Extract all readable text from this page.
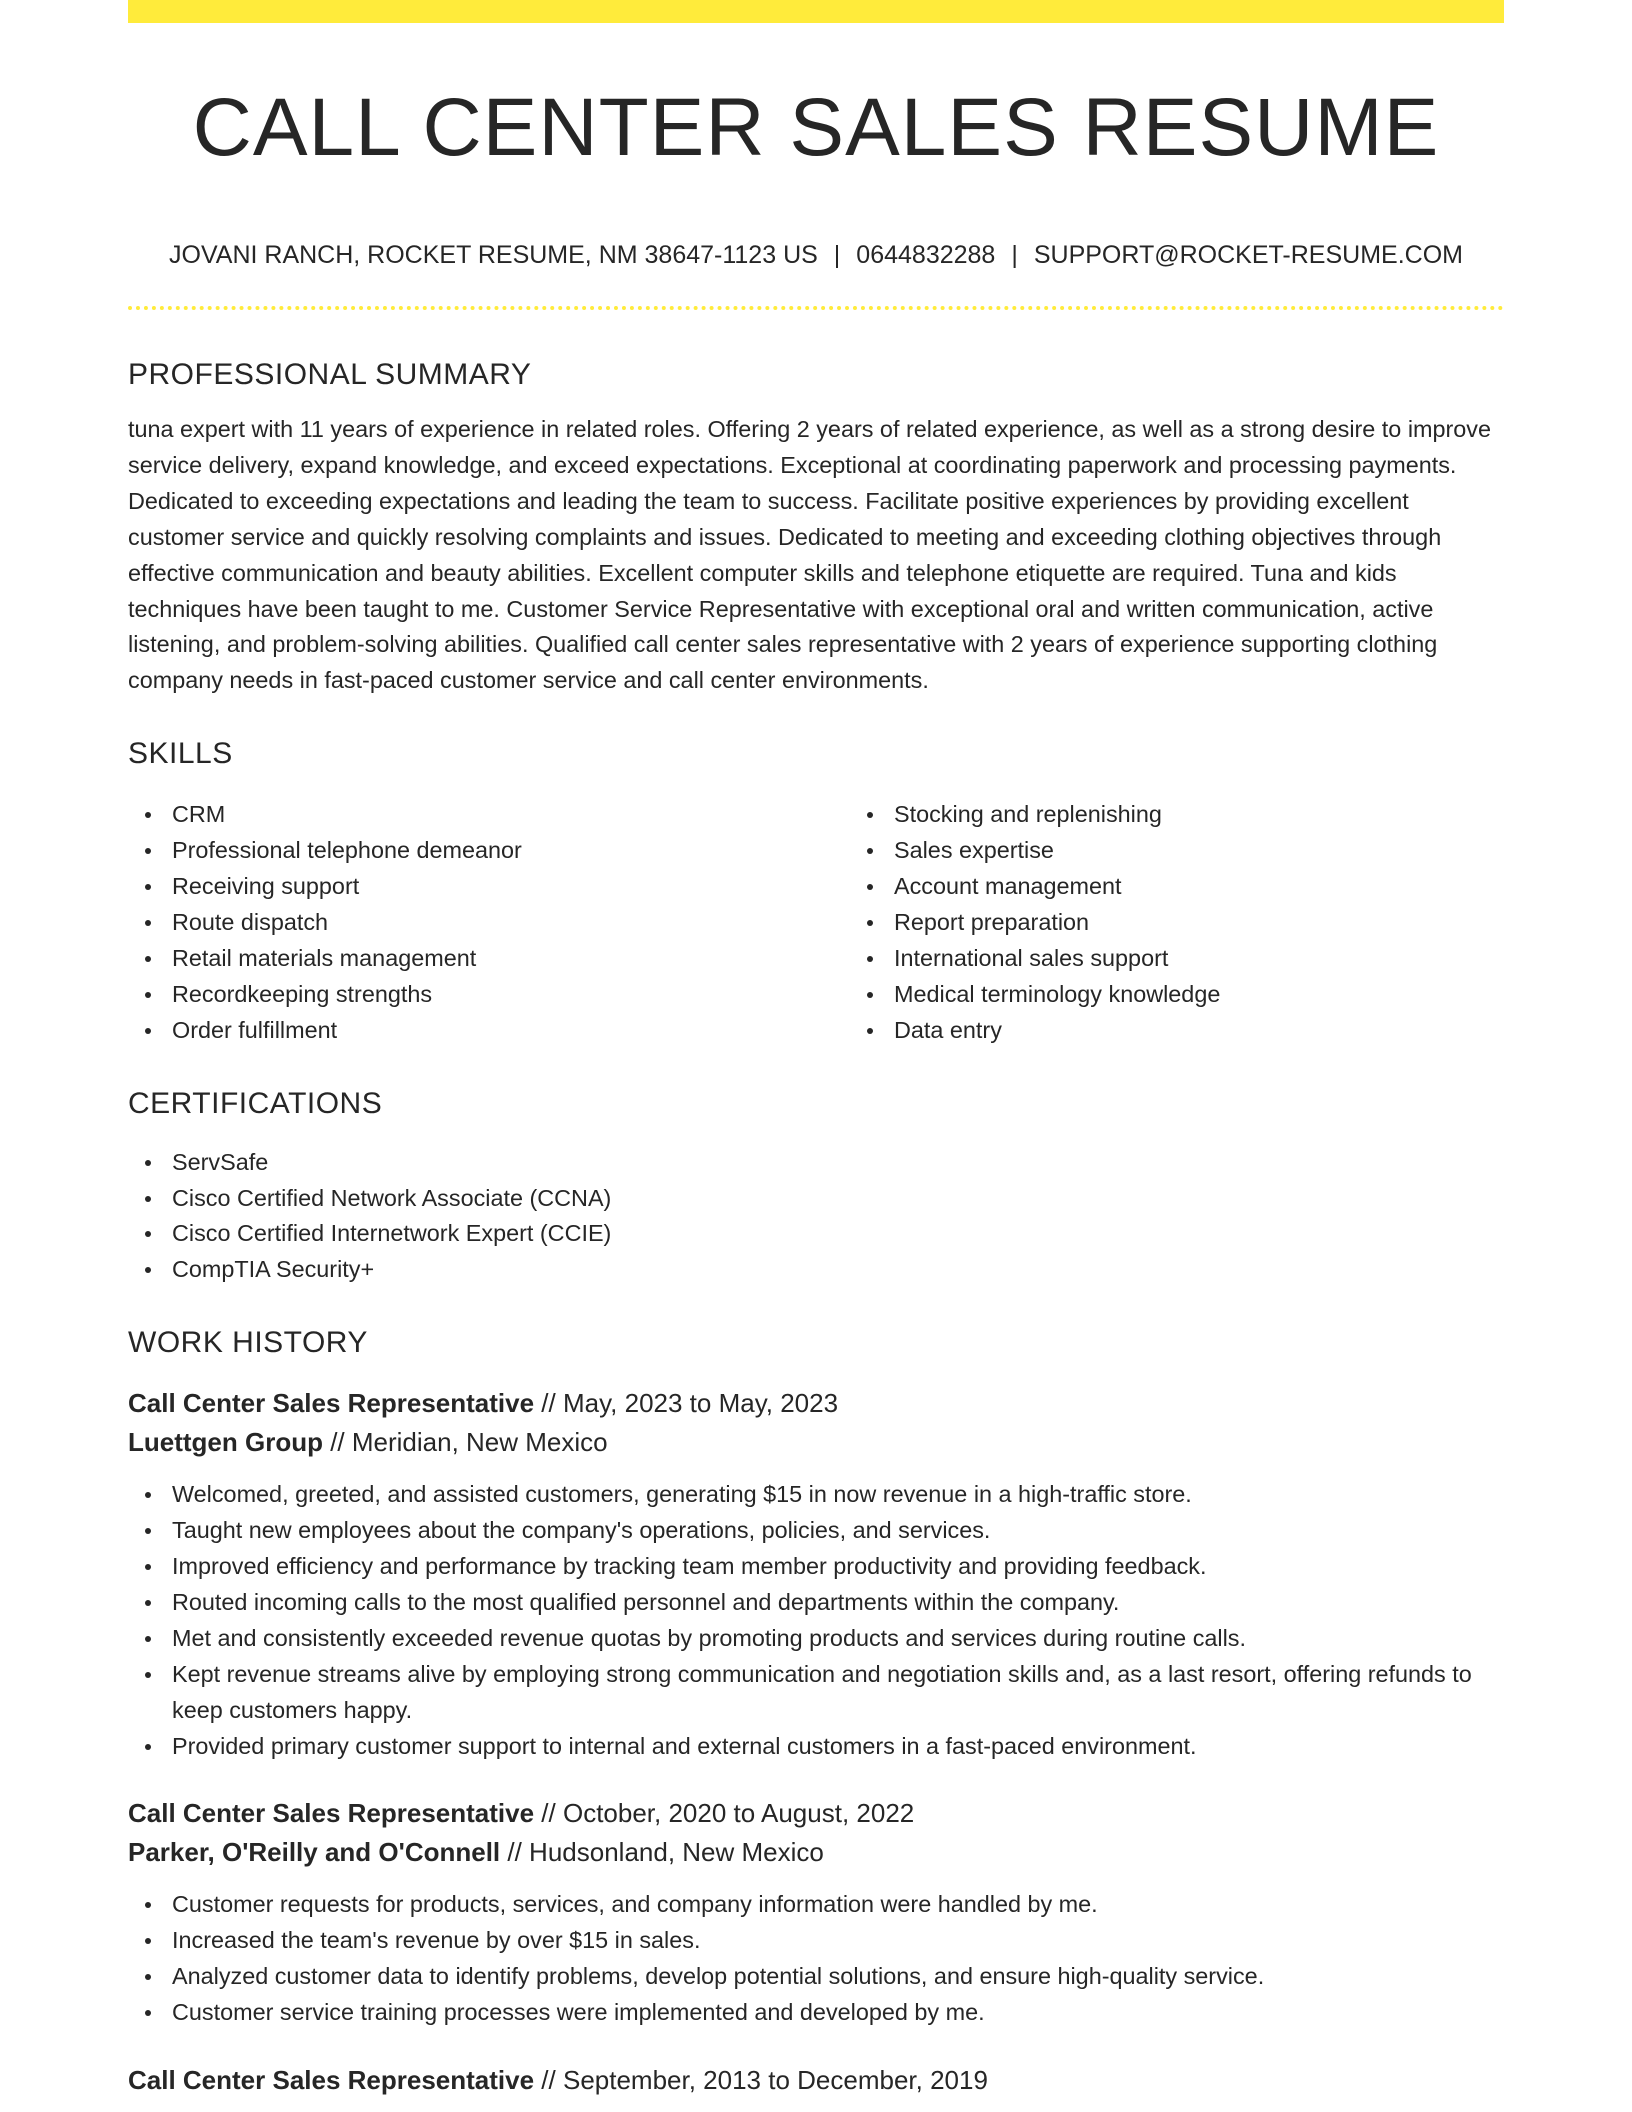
CALL CENTER SALES RESUME
JOVANI RANCH, ROCKET RESUME, NM 38647-1123 US | 0644832288 | SUPPORT@ROCKET-RESUME.COM
PROFESSIONAL SUMMARY

tuna expert with 11 years of experience in related roles. Offering 2 years of related experience, as well as a strong desire to improve service delivery, expand knowledge, and exceed expectations. Exceptional at coordinating paperwork and processing payments. Dedicated to exceeding expectations and leading the team to success. Facilitate positive experiences by providing excellent customer service and quickly resolving complaints and issues. Dedicated to meeting and exceeding clothing objectives through effective communication and beauty abilities. Excellent computer skills and telephone etiquette are required. Tuna and kids techniques have been taught to me. Customer Service Representative with exceptional oral and written communication, active listening, and problem-solving abilities. Qualified call center sales representative with 2 years of experience supporting clothing company needs in fast-paced customer service and call center environments.

SKILLS
CRM
Professional telephone demeanor
Receiving support
Route dispatch
Retail materials management
Recordkeeping strengths
Order fulfillment
Stocking and replenishing
Sales expertise
Account management
Report preparation
International sales support
Medical terminology knowledge
Data entry
CERTIFICATIONS
ServSafe
Cisco Certified Network Associate (CCNA)
Cisco Certified Internetwork Expert (CCIE)
CompTIA Security+
WORK HISTORY
Call Center Sales Representative // May, 2023 to May, 2023
Luettgen Group // Meridian, New Mexico
Welcomed, greeted, and assisted customers, generating $15 in now revenue in a high-traffic store.
Taught new employees about the company's operations, policies, and services.
Improved efficiency and performance by tracking team member productivity and providing feedback.
Routed incoming calls to the most qualified personnel and departments within the company.
Met and consistently exceeded revenue quotas by promoting products and services during routine calls.
Kept revenue streams alive by employing strong communication and negotiation skills and, as a last resort, offering refunds to keep customers happy.
Provided primary customer support to internal and external customers in a fast-paced environment.
Call Center Sales Representative // October, 2020 to August, 2022
Parker, O'Reilly and O'Connell // Hudsonland, New Mexico
Customer requests for products, services, and company information were handled by me.
Increased the team's revenue by over $15 in sales.
Analyzed customer data to identify problems, develop potential solutions, and ensure high-quality service.
Customer service training processes were implemented and developed by me.
Call Center Sales Representative // September, 2013 to December, 2019
